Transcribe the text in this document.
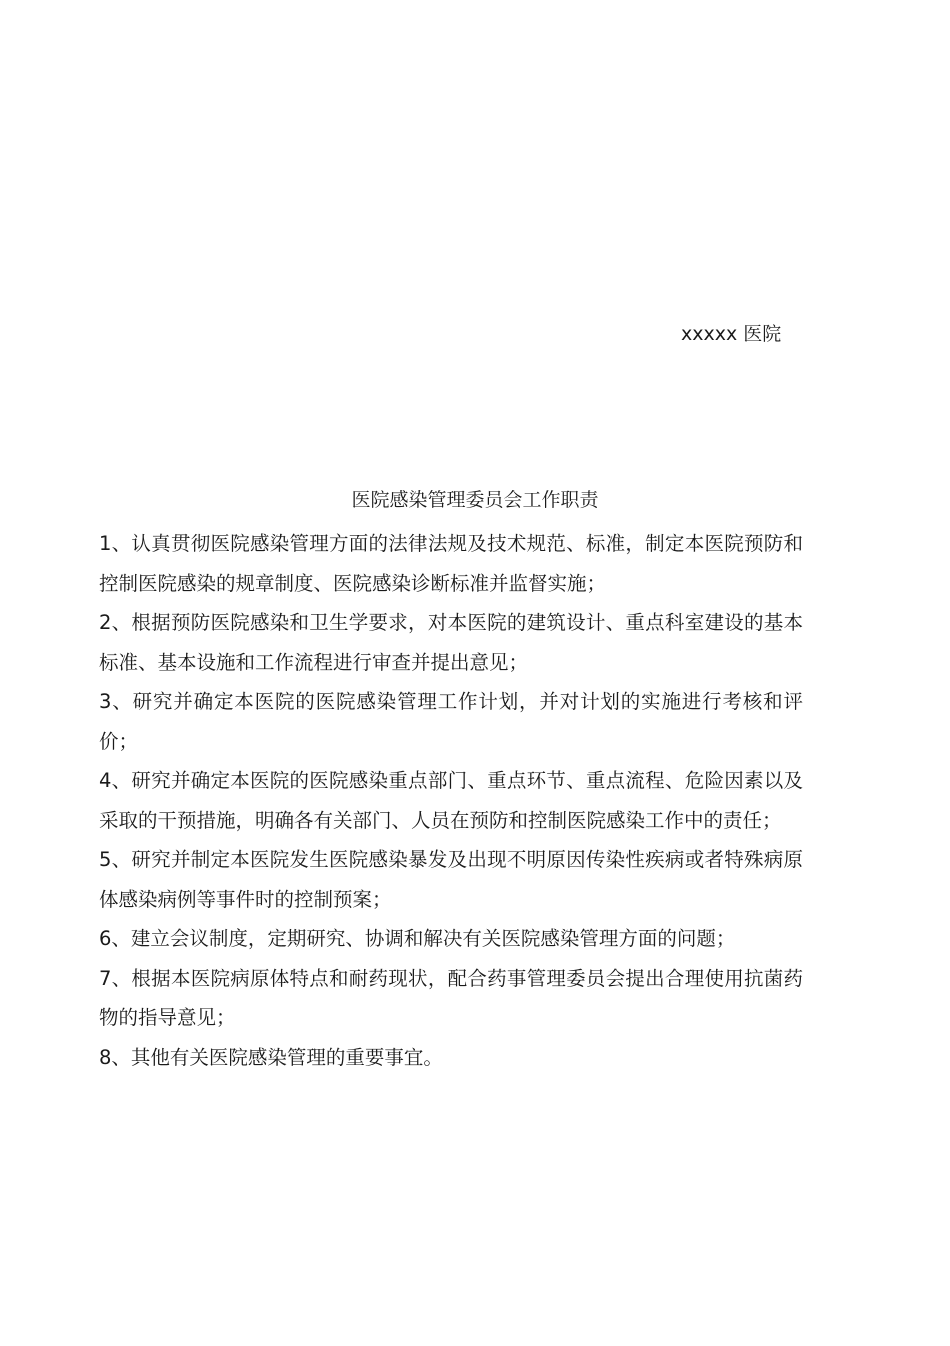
xxxxx 医院
医院感染管理委员会工作职责
1、认真贯彻医院感染管理方面的法律法规及技术规范、标准，制定本医院预防和控制医院感染的规章制度、医院感染诊断标准并监督实施；
2、根据预防医院感染和卫生学要求，对本医院的建筑设计、重点科室建设的基本标准、基本设施和工作流程进行审查并提出意见；
3、研究并确定本医院的医院感染管理工作计划，并对计划的实施进行考核和评价；
4、研究并确定本医院的医院感染重点部门、重点环节、重点流程、危险因素以及采取的干预措施，明确各有关部门、人员在预防和控制医院感染工作中的责任；
5、研究并制定本医院发生医院感染暴发及出现不明原因传染性疾病或者特殊病原体感染病例等事件时的控制预案；
6、建立会议制度，定期研究、协调和解决有关医院感染管理方面的问题；
7、根据本医院病原体特点和耐药现状，配合药事管理委员会提出合理使用抗菌药物的指导意见；
8、其他有关医院感染管理的重要事宜。
